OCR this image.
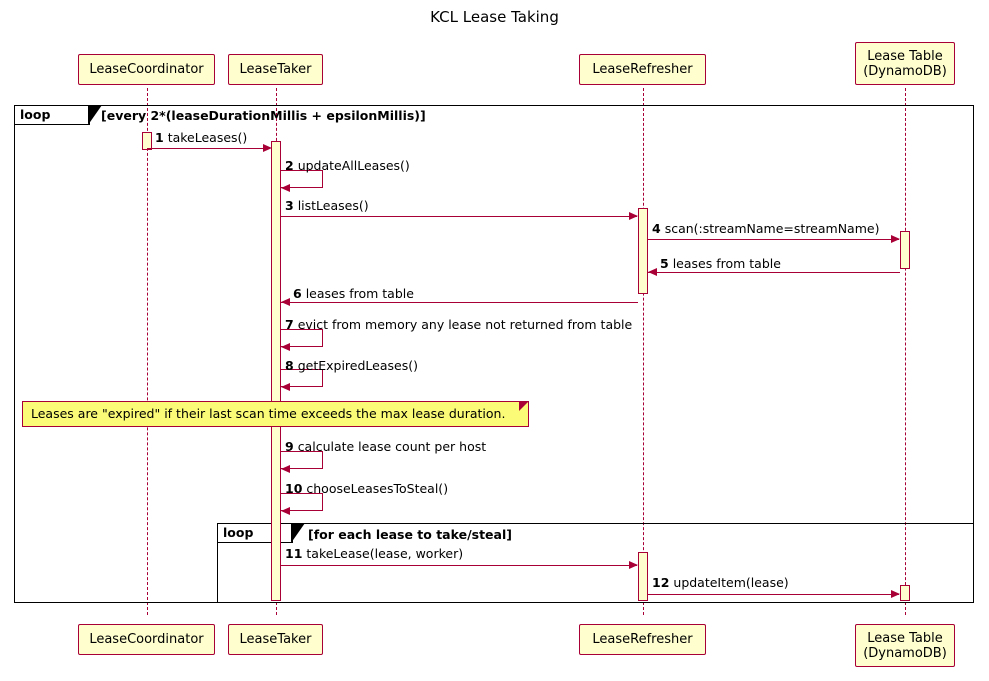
KCL Lease Taking
LeaseCoordinator	LeaseTaker	LeaseRefresher
Lease Table
(DynamoDB)
LeaseCoordinator	LeaseTaker	LeaseRefresher	Lease Table
(DynamoDB)
loop	[every 2*(leaseDurationMillis + epsilonMillis)]
loop	[for each lease to take/steal]
1 takeLeases()
2 updateAllLeases()
3 listLeases()
4 scan(:streamName=streamName)
5 leases from table
6 leases from table
7 evict from memory any lease not returned from table
8 getExpiredLeases()
Leases are "expired" if their last scan time exceeds the max lease duration.
9 calculate lease count per host
10 chooseLeasesToSteal()
11 takeLease(lease, worker)
12 updateItem(lease)
